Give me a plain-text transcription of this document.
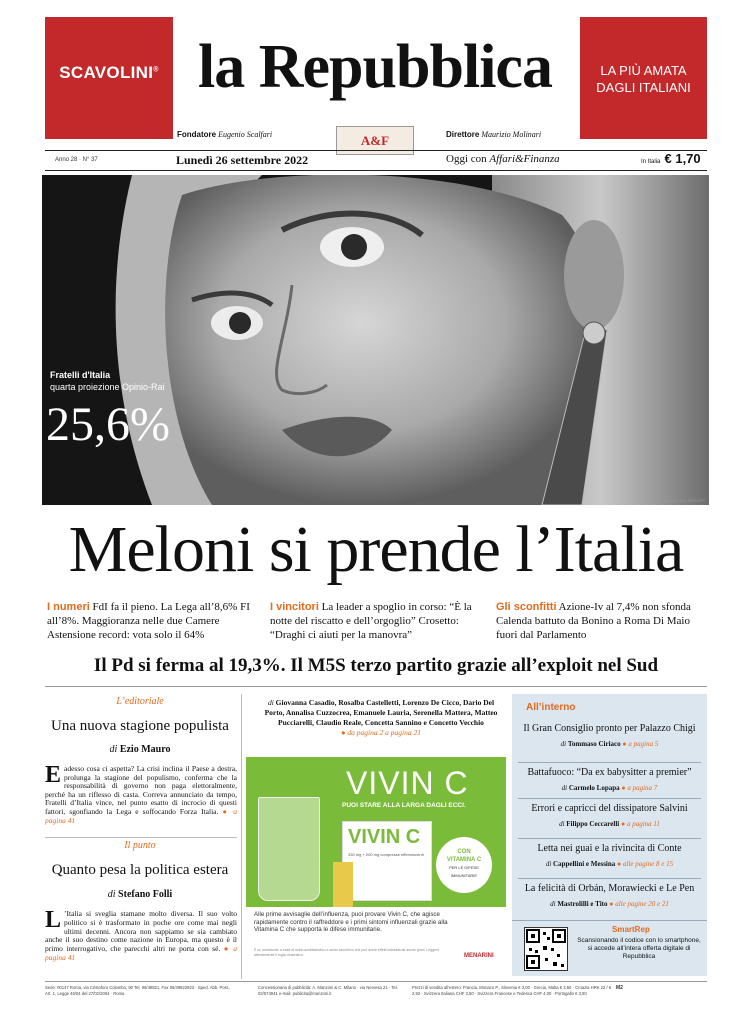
SCAVOLINI® la Repubblica	LA PIÙ AMATA
DAGLI ITALIANI
Fondatore Eugenio Scalfari	A&F	Direttore Maurizio Molinari
Anno 28 · N° 37	Lunedì 26 settembre 2022	Oggi con Affari&Finanza	In Italia € 1,70
Fratelli d'Italia
quarta proiezione Opinio-Rai
25,6%
ANDREAS SOLARO/AFP
Meloni si prende l’Italia
I numeri FdI fa il pieno. La Lega all’8,6% FI all’8%. Maggioranza nelle due Camere Astensione record: vota solo il 64%
I vincitori La leader a spoglio in corso: “È la notte del riscatto e dell’orgoglio” Crosetto: “Draghi ci aiuti per la manovra”
Gli sconfitti Azione-Iv al 7,4% non sfonda Calenda battuto da Bonino a Roma Di Maio fuori dal Parlamento
Il Pd si ferma al 19,3%. Il M5S terzo partito grazie all’exploit nel Sud
L’editoriale
Una nuova stagione populista
di Ezio Mauro
Eadesso cosa ci aspetta? La crisi inclina il Paese a destra, prolunga la stagione del populismo, conferma che la responsabilità di governo non paga elettoralmente, perché ha un riflesso di casta. Correva annunciato da tempo, Fratelli d’Italia vince, nel punto esatto di incrocio di questi fattori, sgonfiando la Lega e soffocando Forza Italia. ● a pagina 41
Il punto
Quanto pesa la politica estera
di Stefano Folli
L ’Italia si sveglia stamane molto diversa. Il suo volto politico si è trasformato in poche ore come mai negli ultimi decenni. Ancora non sappiamo se sia cambiato anche il suo destino come nazione in Europa, ma questo è il primo interrogativo, che parecchi altri ne porta con sé. ● a pagina 41
di Giovanna Casadio, Rosalba Castelletti, Lorenzo De Cicco, Dario Del Porto, Annalisa Cuzzocrea, Emanuele Lauria, Serenella Mattera, Matteo Pucciarelli, Claudio Reale, Concetta Sannino e Concetto Vecchio
● da pagina 2 a pagina 21
VIVIN C
PUOI STARE ALLA LARGA DAGLI ECCI.
VIVIN C
330 mg + 200 mg compresse effervescenti	CON
VITAMINA C
PER LE DIFESE IMMUNITARIE
Alle prime avvisaglie dell’influenza, puoi provare Vivin C, che agisce rapidamente contro il raffreddore e i primi sintomi influenzali grazie alla Vitamina C che supporta le difese immunitarie.
È un medicinale a base di acido acetilsalicilico e acido ascorbico che può avere effetti indesiderati anche gravi. Leggere attentamente il foglio illustrativo.	MENARINI
All’interno
Il Gran Consiglio pronto per Palazzo Chigi
di Tommaso Ciriaco ● a pagina 5
Battafuoco: “Da ex babysitter a premier”
di Carmelo Lopapa ● a pagina 7
Errori e capricci del dissipatore Salvini
di Filippo Ceccarelli ● a pagina 11
Letta nei guai e la rivincita di Conte
di Cappellini e Messina ● alle pagine 8 e 15
La felicità di Orbán, Morawiecki e Le Pen
di Mastrolilli e Tito ● alle pagine 20 e 21
SmartRep
Scansionando il codice con lo smartphone, si accede all’intera offerta digitale di Repubblica
Sede: 00147 Roma, via Cristoforo Colombo, 90 Tel. 06/49821, Fax 06/49822923 · Sped. Abb. Post., Art. 1, Legge 46/04 del 27/02/2004 · Roma
Concessionaria di pubblicità: A. Manzoni & C. Milano · via Nervesa 21 · Tel. 02/574941 e-mail: publicita@manzoni.it
Prezzi di vendita all’estero: Francia, Monaco P., Slovenia € 3,00 · Grecia, Malta € 3,50 · Croazia HRK 22 / € 2,92 · Svizzera Italiana CHF 3,50 · Svizzera Francese e Tedesca CHF 4,00 · Portogallo € 3,50
M2
